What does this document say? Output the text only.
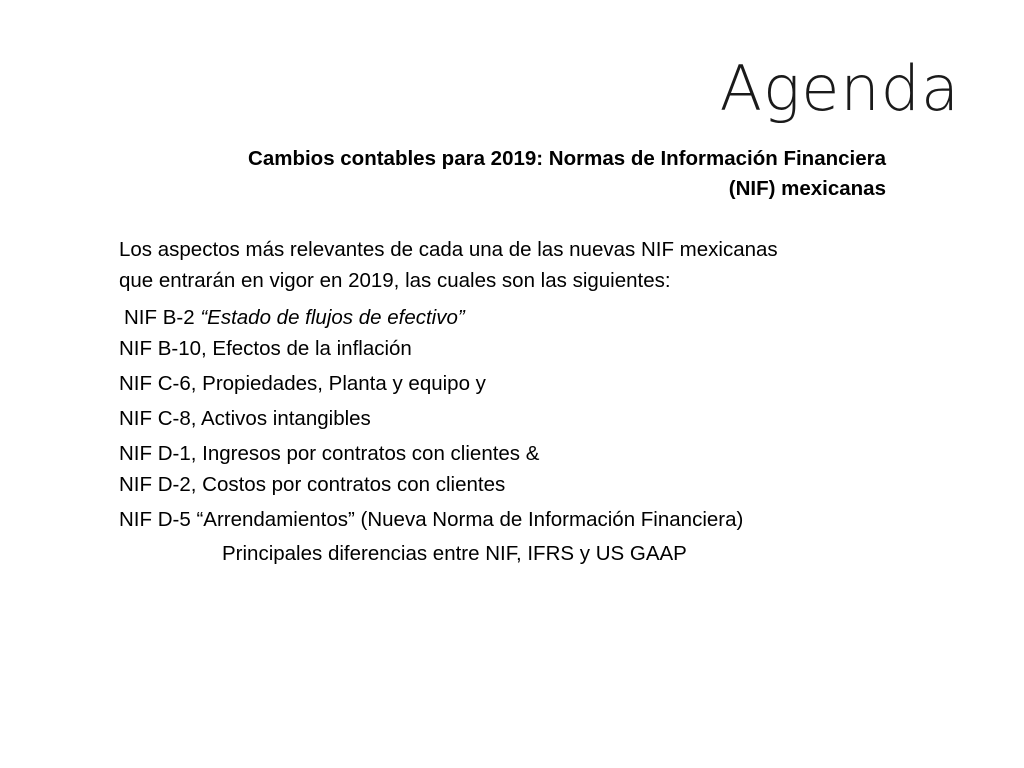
Agenda
Cambios contables para 2019: Normas de Información Financiera
(NIF) mexicanas
Los aspectos más relevantes de cada una de las nuevas NIF mexicanas
que entrarán en vigor en 2019, las cuales son las siguientes:
NIF B-2 “Estado de flujos de efectivo”
NIF B-10, Efectos de la inflación
NIF C-6, Propiedades, Planta y equipo y
NIF C-8, Activos intangibles
NIF D-1, Ingresos por contratos con clientes &
NIF D-2, Costos por contratos con clientes
NIF D-5 “Arrendamientos” (Nueva Norma de Información Financiera)
Principales diferencias entre NIF, IFRS y US GAAP
